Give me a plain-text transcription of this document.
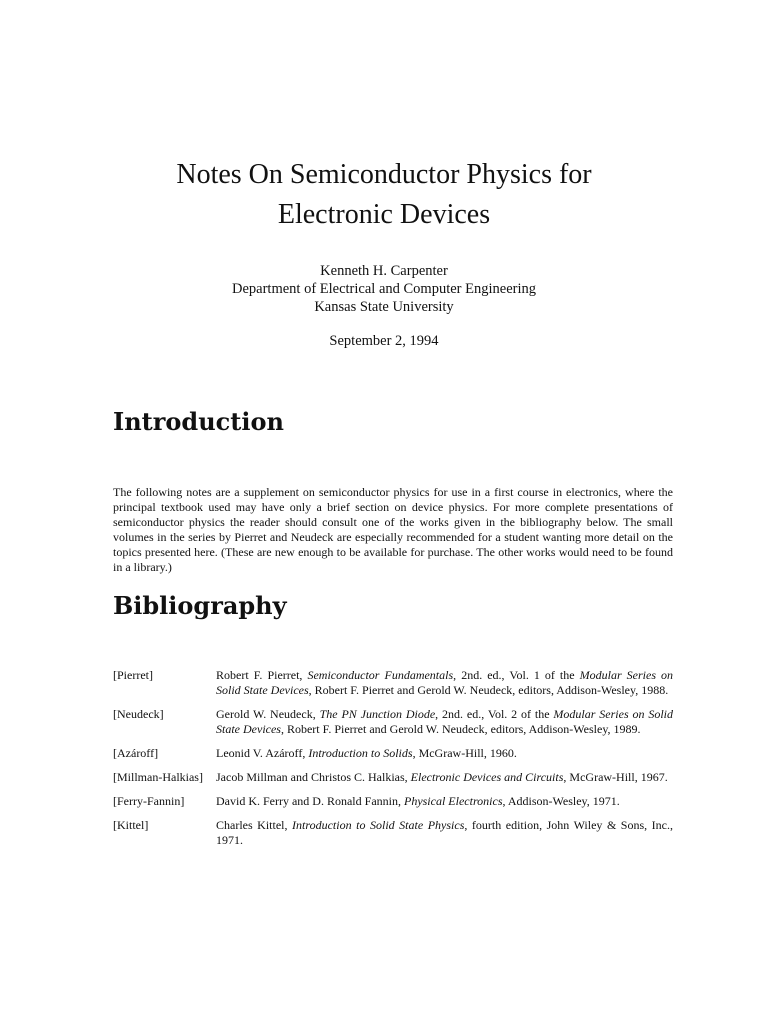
Notes On Semiconductor Physics for
Electronic Devices
Kenneth H. Carpenter
Department of Electrical and Computer Engineering
Kansas State University
September 2, 1994
Introduction

The following notes are a supplement on semiconductor physics for use in a first course in electronics, where the principal textbook used may have only a brief section on device physics. For more complete presentations of semiconductor physics the reader should consult one of the works given in the bibliography below. The small volumes in the series by Pierret and Neudeck are especially recommended for a student wanting more detail on the topics presented here. (These are new enough to be available for purchase. The other works would need to be found in a library.)

Bibliography
[Pierret]	Robert F. Pierret, Semiconductor Fundamentals, 2nd. ed., Vol. 1 of the Modular Series on Solid State Devices, Robert F. Pierret and Gerold W. Neudeck, editors, Addison-Wesley, 1988.
[Neudeck]	Gerold W. Neudeck, The PN Junction Diode, 2nd. ed., Vol. 2 of the Modular Series on Solid State Devices, Robert F. Pierret and Gerold W. Neudeck, editors, Addison-Wesley, 1989.
[Azároff]	Leonid V. Azároff, Introduction to Solids, McGraw-Hill, 1960.
[Millman-Halkias]	Jacob Millman and Christos C. Halkias, Electronic Devices and Circuits, McGraw-Hill, 1967.
[Ferry-Fannin]	David K. Ferry and D. Ronald Fannin, Physical Electronics, Addison-Wesley, 1971.
[Kittel]	Charles Kittel, Introduction to Solid State Physics, fourth edition, John Wiley & Sons, Inc., 1971.
